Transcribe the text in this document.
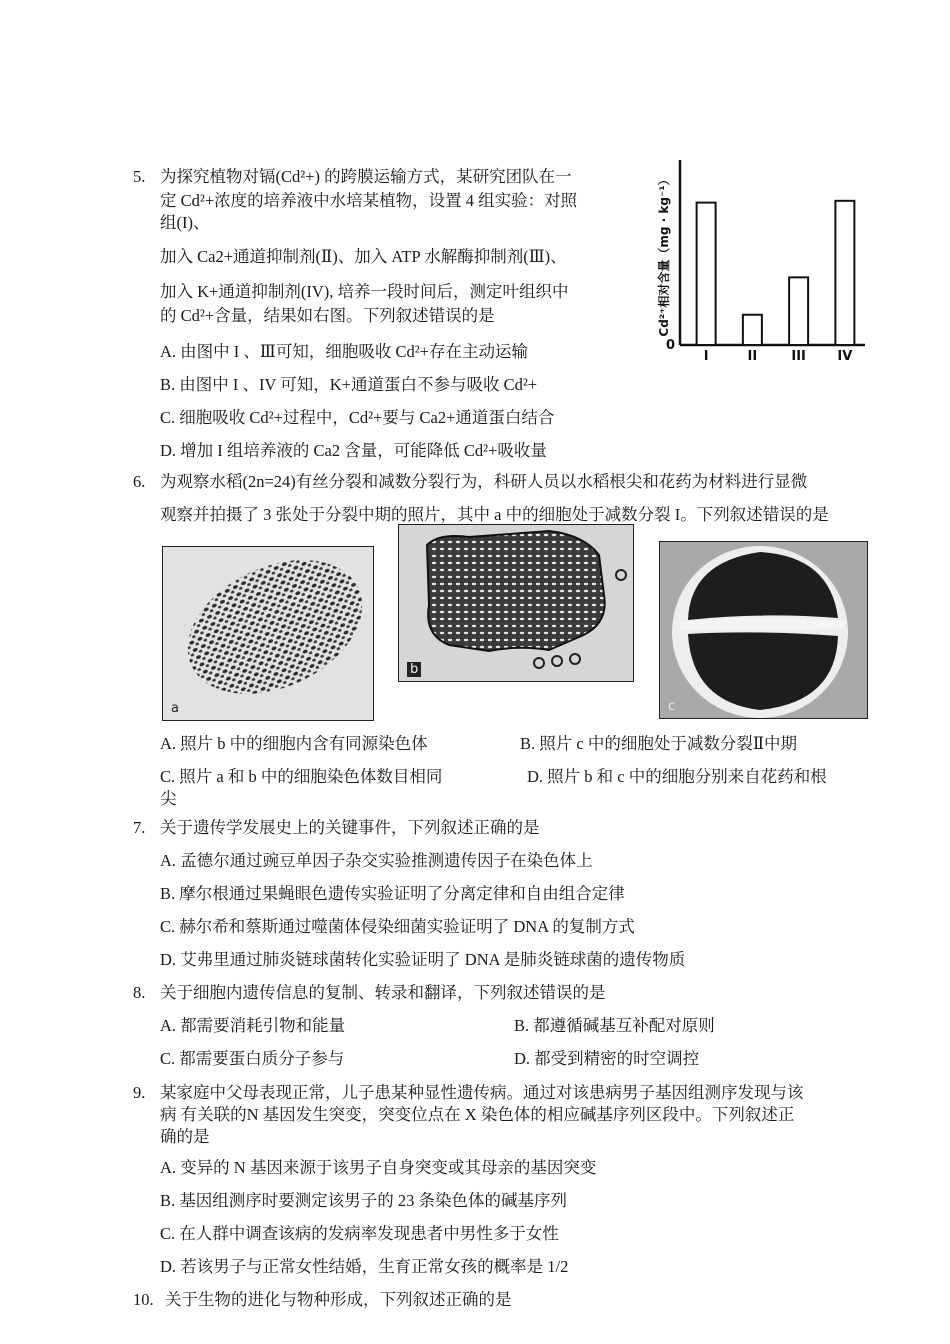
5. 为探究植物对镉(Cd²+) 的跨膜运输方式，某研究团队在一
定 Cd²+浓度的培养液中水培某植物，设置 4 组实验：对照
组(I)、
加入 Ca2+通道抑制剂(Ⅱ)、加入 ATP 水解酶抑制剂(Ⅲ)、
加入 K+通道抑制剂(IV), 培养一段时间后，测定叶组织中
的 Cd²+含量，结果如右图。下列叙述错误的是
A. 由图中 I 、Ⅲ可知，细胞吸收 Cd²+存在主动运输
B. 由图中 I 、IV 可知，K+通道蛋白不参与吸收 Cd²+
C. 细胞吸收 Cd²+过程中，Cd²+要与 Ca2+通道蛋白结合
D. 增加 I 组培养液的 Ca2 含量，可能降低 Cd²+吸收量
Cd²⁺相对含量（mg · kg⁻¹）
0
I	II	III IV
6. 为观察水稻(2n=24)有丝分裂和减数分裂行为，科研人员以水稻根尖和花药为材料进行显微
观察并拍摄了 3 张处于分裂中期的照片，其中 a 中的细胞处于减数分裂 I。下列叙述错误的是
a
b
c
A. 照片 b 中的细胞内含有同源染色体	B. 照片 c 中的细胞处于减数分裂Ⅱ中期
C. 照片 a 和 b 中的细胞染色体数目相同	D. 照片 b 和 c 中的细胞分别来自花药和根
尖
7. 关于遗传学发展史上的关键事件，下列叙述正确的是
A. 孟德尔通过豌豆单因子杂交实验推测遗传因子在染色体上
B. 摩尔根通过果蝇眼色遗传实验证明了分离定律和自由组合定律
C. 赫尔希和蔡斯通过噬菌体侵染细菌实验证明了 DNA 的复制方式
D. 艾弗里通过肺炎链球菌转化实验证明了 DNA 是肺炎链球菌的遗传物质
8. 关于细胞内遗传信息的复制、转录和翻译，下列叙述错误的是
A. 都需要消耗引物和能量	B. 都遵循碱基互补配对原则
C. 都需要蛋白质分子参与	D. 都受到精密的时空调控
9. 某家庭中父母表现正常，儿子患某种显性遗传病。通过对该患病男子基因组测序发现与该
病 有关联的N 基因发生突变，突变位点在 X 染色体的相应碱基序列区段中。下列叙述正
确的是
A. 变异的 N 基因来源于该男子自身突变或其母亲的基因突变
B. 基因组测序时要测定该男子的 23 条染色体的碱基序列
C. 在人群中调查该病的发病率发现患者中男性多于女性
D. 若该男子与正常女性结婚，生育正常女孩的概率是 1/2
10. 关于生物的进化与物种形成，下列叙述正确的是
